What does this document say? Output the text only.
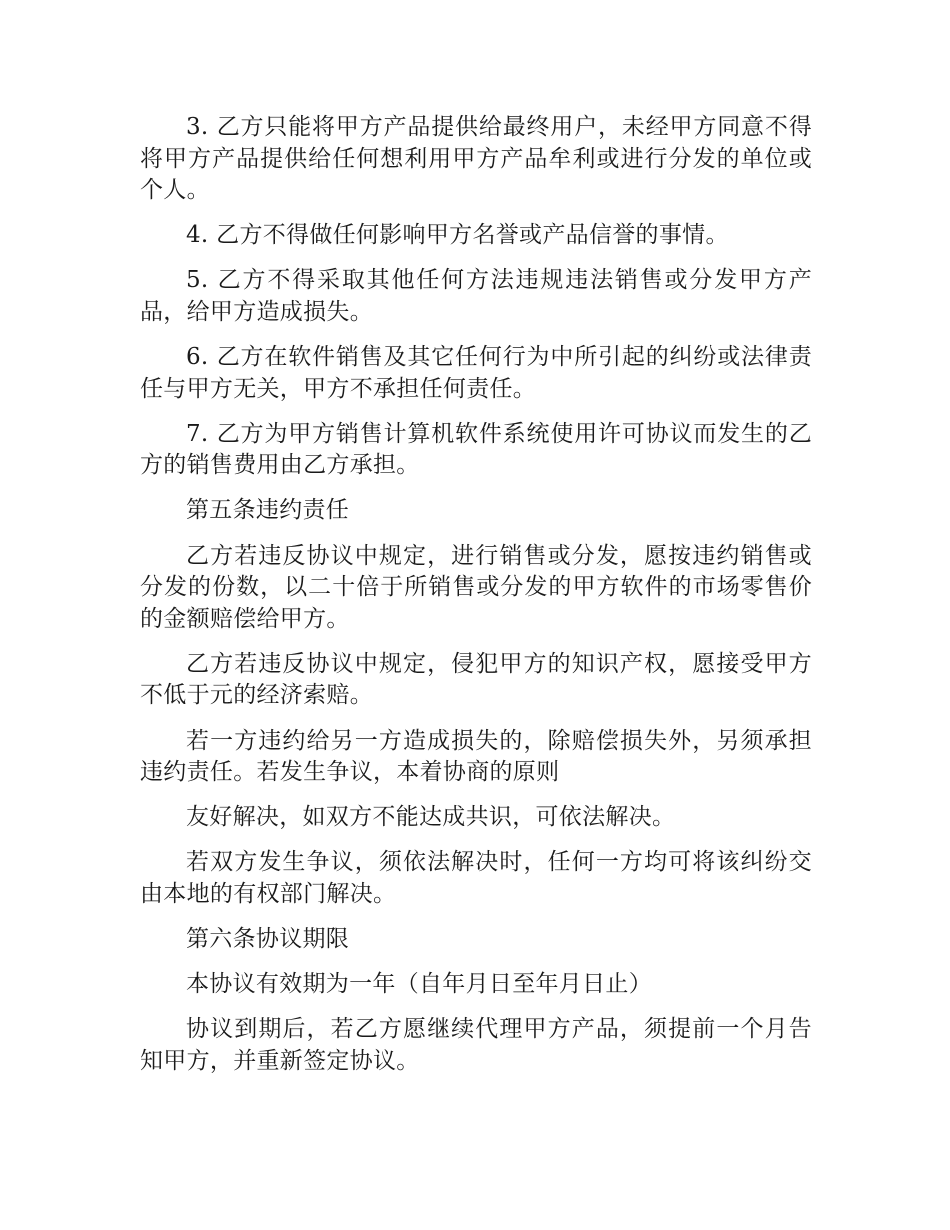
3. 乙方只能将甲方产品提供给最终用户，未经甲方同意不得将甲方产品提供给任何想利用甲方产品牟利或进行分发的单位或个人。

4. 乙方不得做任何影响甲方名誉或产品信誉的事情。

5. 乙方不得采取其他任何方法违规违法销售或分发甲方产品，给甲方造成损失。

6. 乙方在软件销售及其它任何行为中所引起的纠纷或法律责任与甲方无关，甲方不承担任何责任。

7. 乙方为甲方销售计算机软件系统使用许可协议而发生的乙方的销售费用由乙方承担。

第五条违约责任

乙方若违反协议中规定，进行销售或分发，愿按违约销售或分发的份数，以二十倍于所销售或分发的甲方软件的市场零售价的金额赔偿给甲方。

乙方若违反协议中规定，侵犯甲方的知识产权，愿接受甲方不低于元的经济索赔。

若一方违约给另一方造成损失的，除赔偿损失外，另须承担违约责任。若发生争议，本着协商的原则

友好解决，如双方不能达成共识，可依法解决。

若双方发生争议，须依法解决时，任何一方均可将该纠纷交由本地的有权部门解决。

第六条协议期限

本协议有效期为一年（自年月日至年月日止）

协议到期后，若乙方愿继续代理甲方产品，须提前一个月告知甲方，并重新签定协议。
